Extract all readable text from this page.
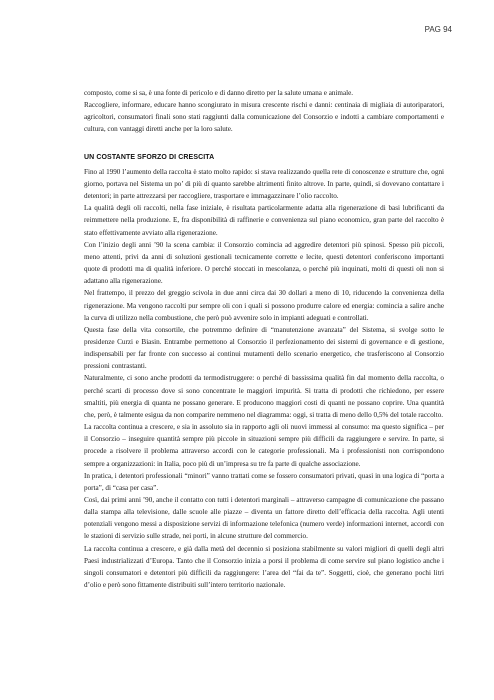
PAG 94

composto, come si sa, è una fonte di pericolo e di danno diretto per la salute umana e animale.

Raccogliere, informare, educare hanno scongiurato in misura crescente rischi e danni: centinaia di migliaia di autoriparatori, agricoltori, consumatori finali sono stati raggiunti dalla comunicazione del Consorzio e indotti a cambiare comportamenti e cultura, con vantaggi diretti anche per la loro salute.

UN COSTANTE SFORZO DI CRESCITA

Fino al 1990 l’aumento della raccolta è stato molto rapido: si stava realizzando quella rete di conoscenze e strutture che, ogni giorno, portava nel Sistema un po’ di più di quanto sarebbe altrimenti finito altrove. In parte, quindi, si dovevano contattare i detentori; in parte attrezzarsi per raccogliere, trasportare e immagazzinare l’olio raccolto.

La qualità degli oli raccolti, nella fase iniziale, è risultata particolarmente adatta alla rigenerazione di basi lubrificanti da reimmettere nella produzione. E, fra disponibilità di raffinerie e convenienza sul piano economico, gran parte del raccolto è stato effettivamente avviato alla rigenerazione.

Con l’inizio degli anni ’90 la scena cambia: il Consorzio comincia ad aggredire detentori più spinosi. Spesso più piccoli, meno attenti, privi da anni di soluzioni gestionali tecnicamente corrette e lecite, questi detentori conferiscono importanti quote di prodotti ma di qualità inferiore. O perché stoccati in mescolanza, o perché più inquinati, molti di questi oli non si adattano alla rigenerazione.

Nel frattempo, il prezzo del greggio scivola in due anni circa dai 30 dollari a meno di 10, riducendo la convenienza della rigenerazione. Ma vengono raccolti pur sempre oli con i quali si possono produrre calore ed energia: comincia a salire anche la curva di utilizzo nella combustione, che però può avvenire solo in impianti adeguati e controllati.

Questa fase della vita consortile, che potremmo definire di “manutenzione avanzata” del Sistema, si svolge sotto le presidenze Curzi e Biasin. Entrambe permettono al Consorzio il perfezionamento dei sistemi di governance e di gestione, indispensabili per far fronte con successo ai continui mutamenti dello scenario energetico, che trasferiscono al Consorzio pressioni contrastanti.

Naturalmente, ci sono anche prodotti da termodistruggere: o perché di bassissima qualità fin dal momento della raccolta, o perché scarti di processo dove si sono concentrate le maggiori impurità. Si tratta di prodotti che richiedono, per essere smaltiti, più energia di quanta ne possano generare. E producono maggiori costi di quanti ne possano coprire. Una quantità che, però, è talmente esigua da non comparire nemmeno nel diagramma: oggi, si tratta di meno dello 0,5% del totale raccolto.

La raccolta continua a crescere, e sia in assoluto sia in rapporto agli oli nuovi immessi al consumo: ma questo significa – per il Consorzio – inseguire quantità sempre più piccole in situazioni sempre più difficili da raggiungere e servire. In parte, si procede a risolvere il problema attraverso accordi con le categorie professionali. Ma i professionisti non corrispondono sempre a organizzazioni: in Italia, poco più di un’impresa su tre fa parte di qualche associazione.

In pratica, i detentori professionali “minori” vanno trattati come se fossero consumatori privati, quasi in una logica di “porta a porta”, di “casa per casa”.

Così, dai primi anni ’90, anche il contatto con tutti i detentori marginali – attraverso campagne di comunicazione che passano dalla stampa alla televisione, dalle scuole alle piazze – diventa un fattore diretto dell’efficacia della raccolta. Agli utenti potenziali vengono messi a disposizione servizi di informazione telefonica (numero verde) informazioni internet, accordi con le stazioni di servizio sulle strade, nei porti, in alcune strutture del commercio.

La raccolta continua a crescere, e già dalla metà del decennio si posiziona stabilmente su valori migliori di quelli degli altri Paesi industrializzati d’Europa. Tanto che il Consorzio inizia a porsi il problema di come servire sul piano logistico anche i singoli consumatori e detentori più difficili da raggiungere: l’area del “fai da te”. Soggetti, cioè, che generano pochi litri d’olio e però sono fittamente distribuiti sull’intero territorio nazionale.
